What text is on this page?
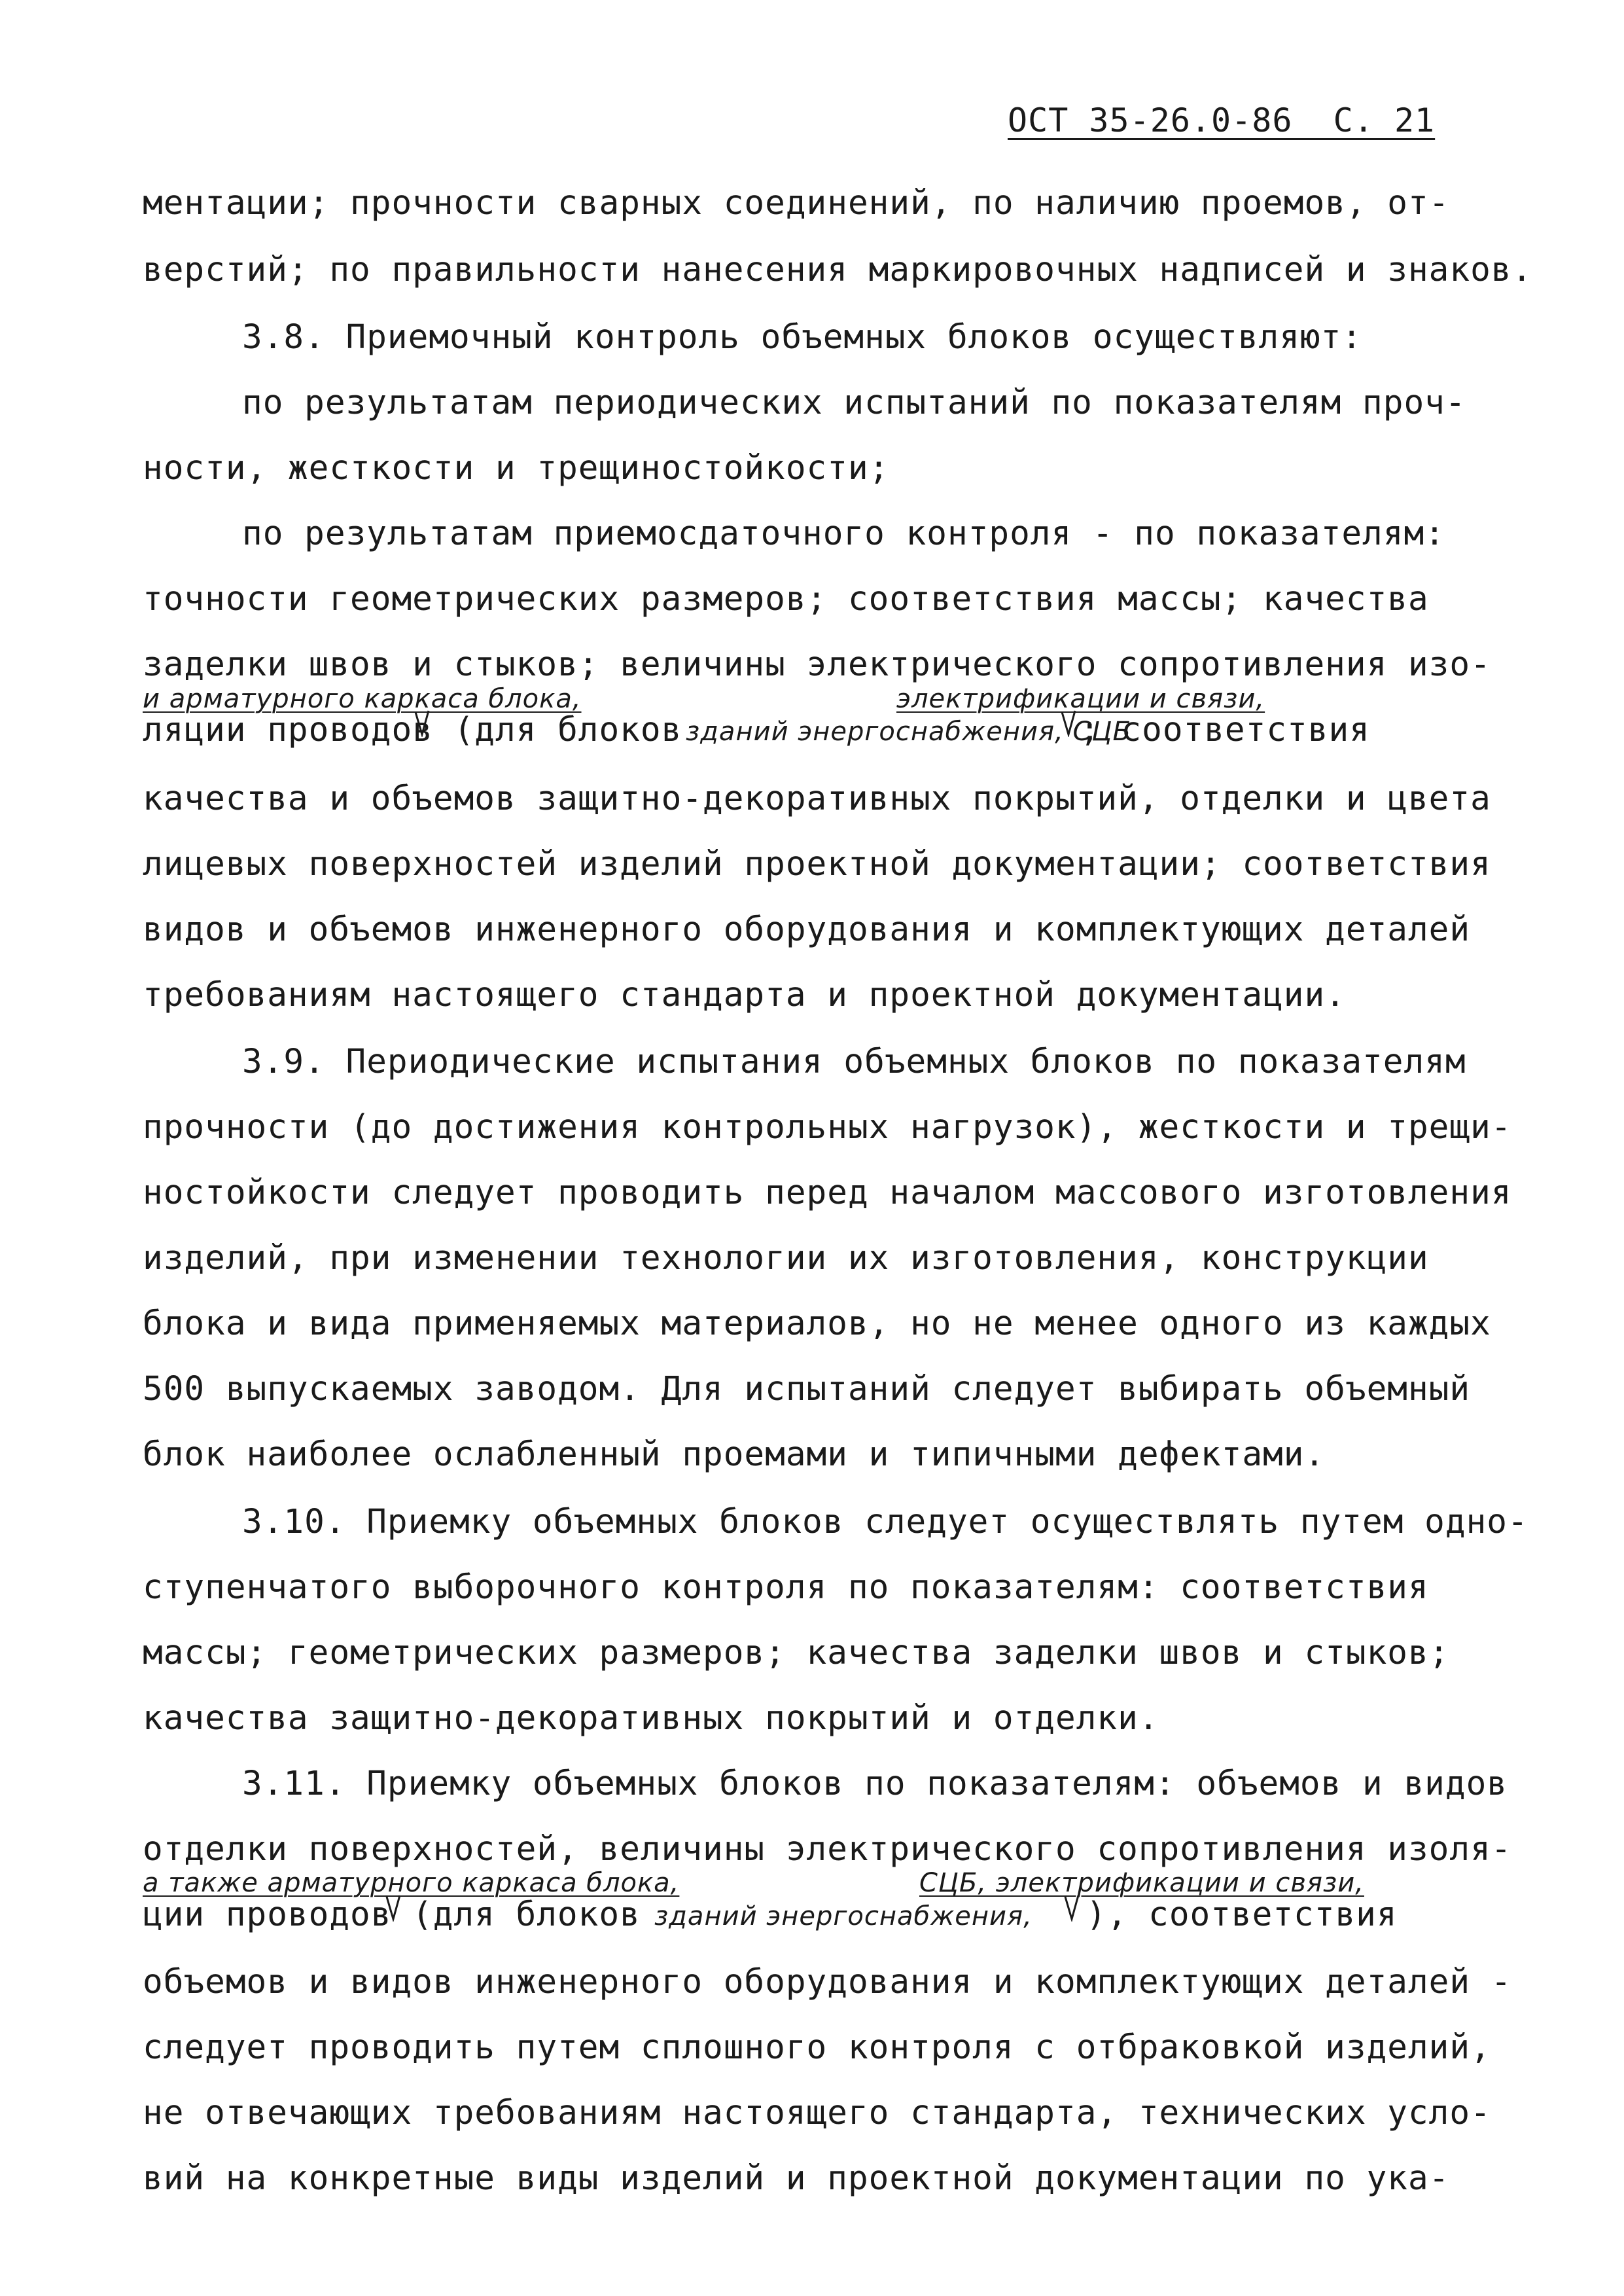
ОСТ 35-26.0-86  С. 21
ментации; прочности сварных соединений, по наличию проемов, от-
верстий; по правильности нанесения маркировочных надписей и знаков.
3.8. Приемочный контроль объемных блоков осуществляют:
по результатам периодических испытаний по показателям проч-
ности, жесткости и трещиностойкости;
по результатам приемосдаточного контроля - по показателям:
точности геометрических размеров; соответствия массы; качества
заделки швов и стыков; величины электрического сопротивления изо-
и арматурного каркаса блока,	электрификации и связи,
ляции проводов (для блоков зданий энергоснабжения, СЦБ
; соответствия
качества и объемов защитно-декоративных покрытий, отделки и цвета
лицевых поверхностей изделий проектной документации; соответствия
видов и объемов инженерного оборудования и комплектующих деталей
требованиям настоящего стандарта и проектной документации.
3.9. Периодические испытания объемных блоков по показателям
прочности (до достижения контрольных нагрузок), жесткости и трещи-
ностойкости следует проводить перед началом массового изготовления
изделий, при изменении технологии их изготовления, конструкции
блока и вида применяемых материалов, но не менее одного из каждых
500 выпускаемых заводом. Для испытаний следует выбирать объемный
блок наиболее ослабленный проемами и типичными дефектами.
3.10. Приемку объемных блоков следует осуществлять путем одно-
ступенчатого выборочного контроля по показателям: соответствия
массы; геометрических размеров; качества заделки швов и стыков;
качества защитно-декоративных покрытий и отделки.
3.11. Приемку объемных блоков по показателям: объемов и видов
отделки поверхностей, величины электрического сопротивления изоля-
а также арматурного каркаса блока,	СЦБ, электрификации и связи,
ции проводов (для блоков зданий энергоснабжения, ), соответствия
объемов и видов инженерного оборудования и комплектующих деталей -
следует проводить путем сплошного контроля с отбраковкой изделий,
не отвечающих требованиям настоящего стандарта, технических усло-
вий на конкретные виды изделий и проектной документации по ука-
